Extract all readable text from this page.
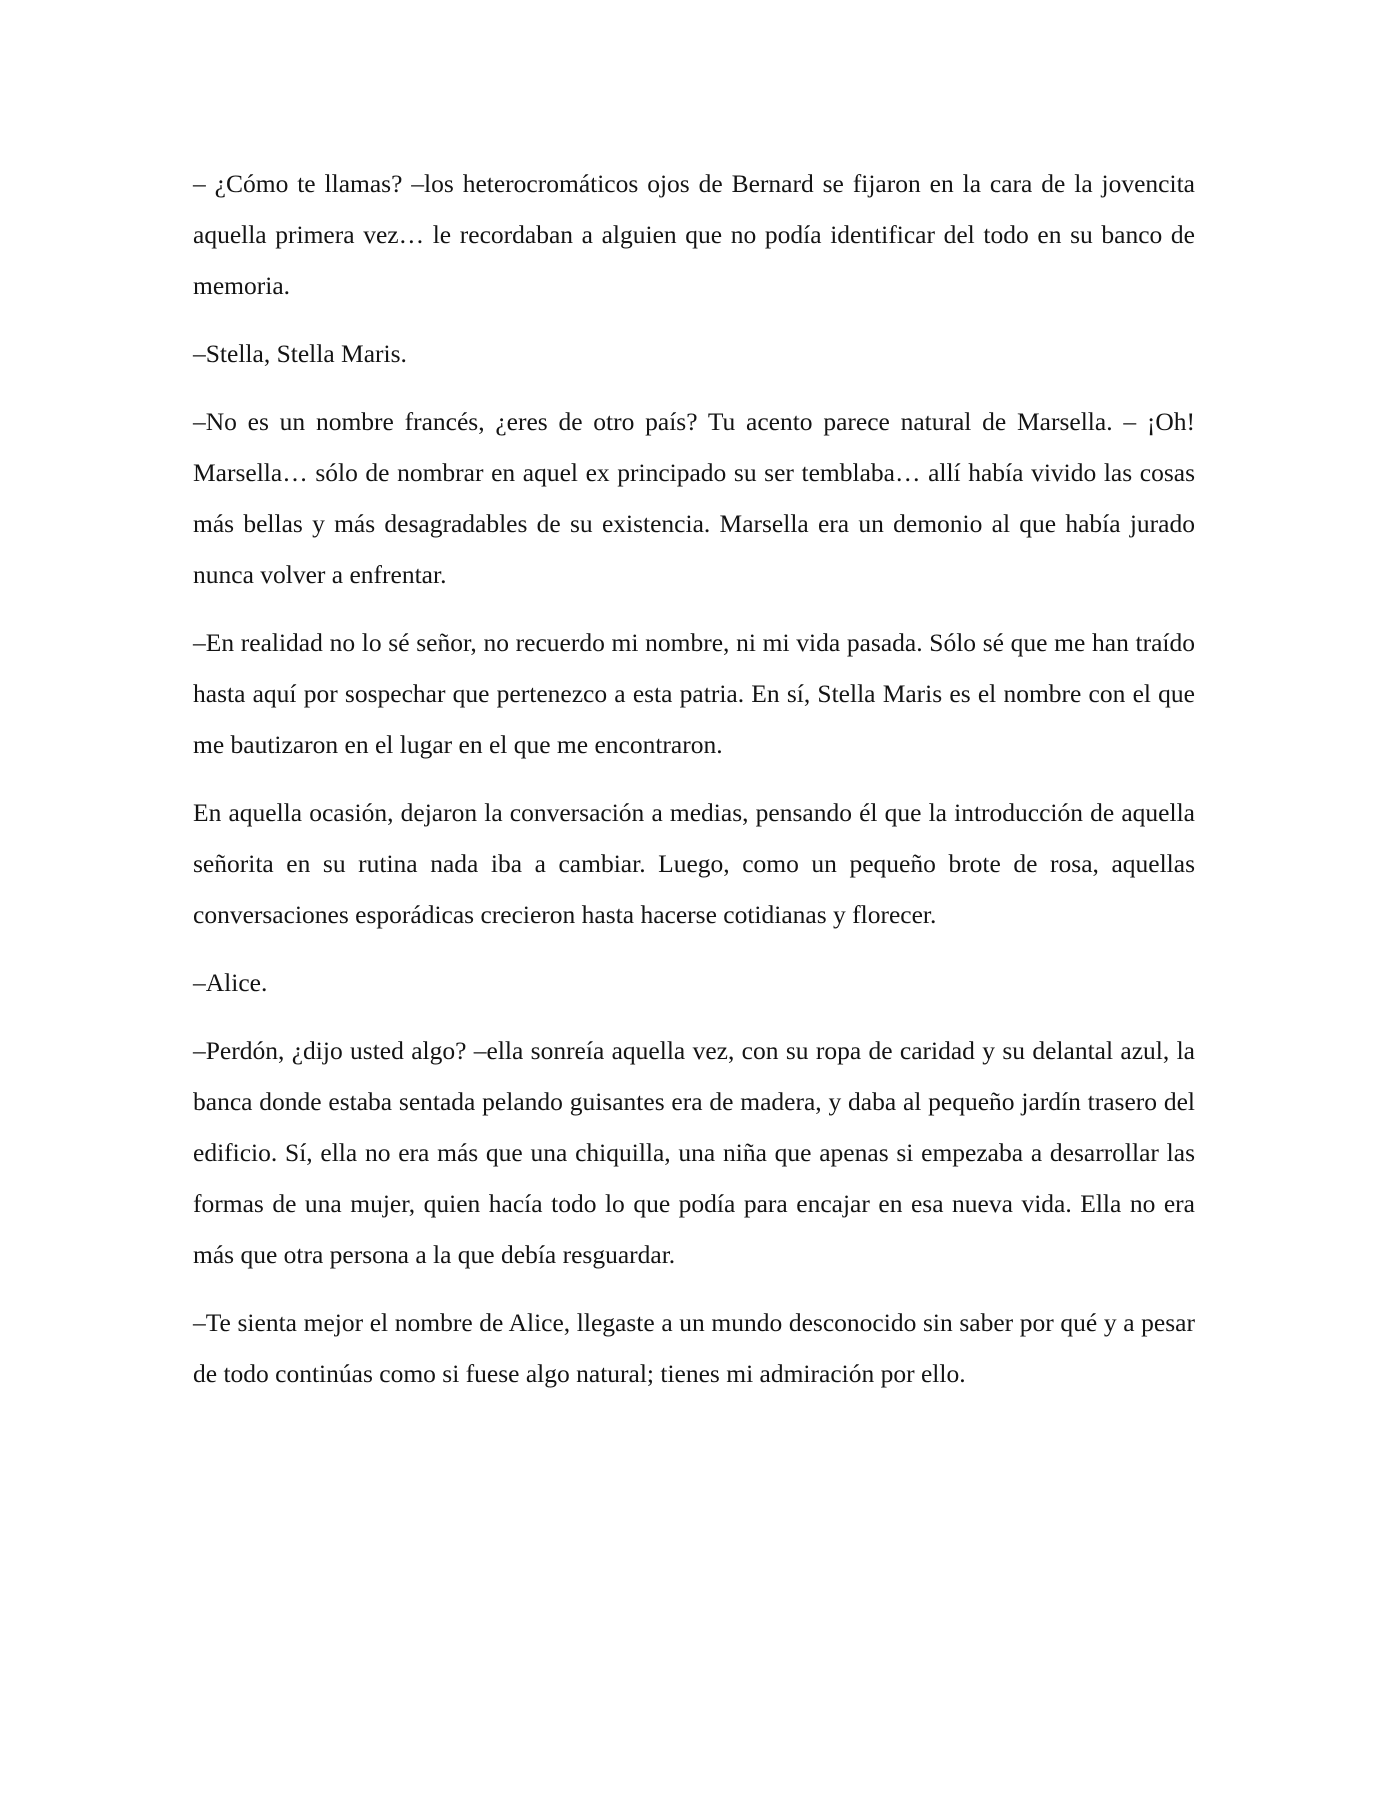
– ¿Cómo te llamas? –los heterocromáticos ojos de Bernard se fijaron en la cara de la jovencita aquella primera vez… le recordaban a alguien que no podía identificar del todo en su banco de memoria.

–Stella, Stella Maris.

–No es un nombre francés, ¿eres de otro país? Tu acento parece natural de Marsella. – ¡Oh! Marsella… sólo de nombrar en aquel ex principado su ser temblaba… allí había vivido las cosas más bellas y más desagradables de su existencia. Marsella era un demonio al que había jurado nunca volver a enfrentar.

–En realidad no lo sé señor, no recuerdo mi nombre, ni mi vida pasada. Sólo sé que me han traído hasta aquí por sospechar que pertenezco a esta patria. En sí, Stella Maris es el nombre con el que me bautizaron en el lugar en el que me encontraron.

En aquella ocasión, dejaron la conversación a medias, pensando él que la introducción de aquella señorita en su rutina nada iba a cambiar. Luego, como un pequeño brote de rosa, aquellas conversaciones esporádicas crecieron hasta hacerse cotidianas y florecer.

–Alice.

–Perdón, ¿dijo usted algo? –ella sonreía aquella vez, con su ropa de caridad y su delantal azul, la banca donde estaba sentada pelando guisantes era de madera, y daba al pequeño jardín trasero del edificio. Sí, ella no era más que una chiquilla, una niña que apenas si empezaba a desarrollar las formas de una mujer, quien hacía todo lo que podía para encajar en esa nueva vida. Ella no era más que otra persona a la que debía resguardar.

–Te sienta mejor el nombre de Alice, llegaste a un mundo desconocido sin saber por qué y a pesar de todo continúas como si fuese algo natural; tienes mi admiración por ello.
